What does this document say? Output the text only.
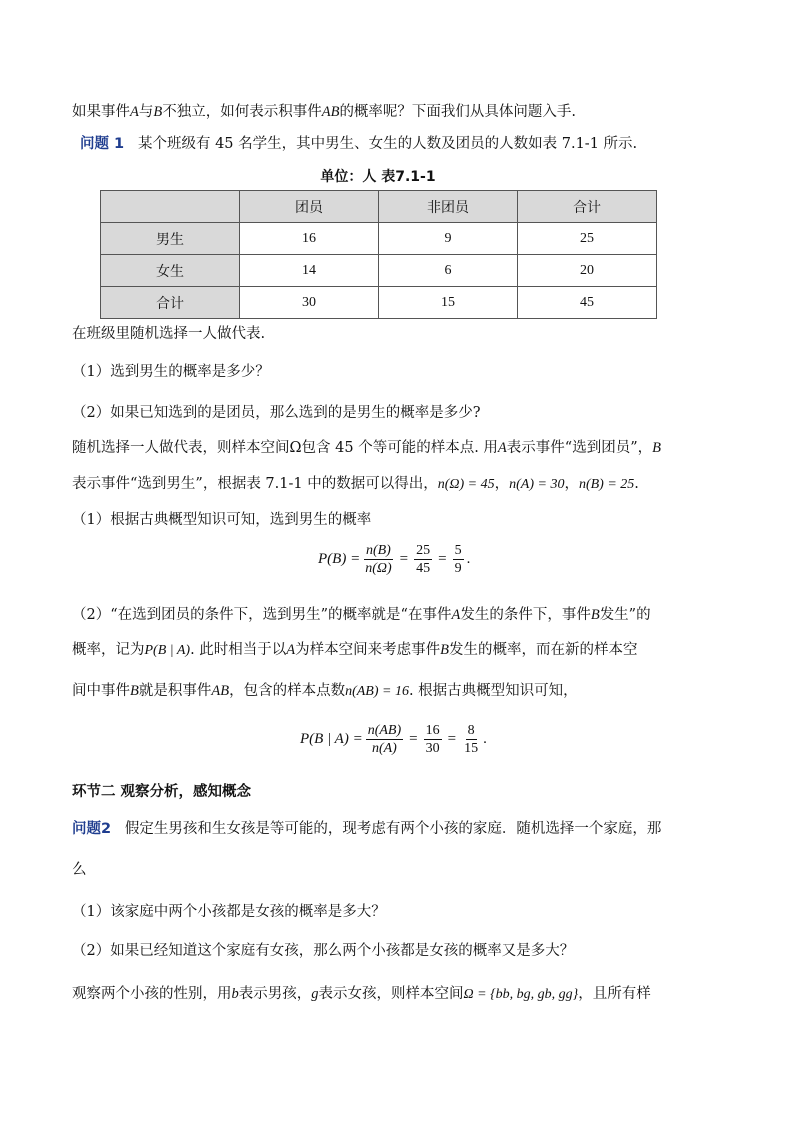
如果事件A与B不独立，如何表示积事件AB的概率呢？下面我们从具体问题入手.
问题 1 某个班级有 45 名学生，其中男生、女生的人数及团员的人数如表 7.1-1 所示.
单位：人 表7.1-1
	团员	非团员	合计
男生	16	9	25
女生	14	6	20
合计	30	15	45
在班级里随机选择一人做代表.
（1）选到男生的概率是多少？
（2）如果已知选到的是团员，那么选到的是男生的概率是多少?
随机选择一人做代表，则样本空间Ω包含 45 个等可能的样本点. 用A表示事件“选到团员”，B
表示事件“选到男生”，根据表 7.1-1 中的数据可以得出，n(Ω) = 45，n(A) = 30，n(B) = 25.
（1）根据古典概型知识可知，选到男生的概率
$P(B) = \frac{n(B)}{n(\Omega)} = \frac{25}{45} = \frac{5}{9}$ .
（2）“在选到团员的条件下，选到男生”的概率就是“在事件A发生的条件下，事件B发生”的
概率，记为P(B | A). 此时相当于以A为样本空间来考虑事件B发生的概率，而在新的样本空
间中事件B就是积事件AB，包含的样本点数n(AB) = 16. 根据古典概型知识可知，
P(B | $A) = \frac{n(AB)}{n(A)} = \frac{16}{30} = \frac{8}{15}$ .
环节二 观察分析，感知概念
问题2 假定生男孩和生女孩是等可能的，现考虑有两个小孩的家庭．随机选择一个家庭，那
么
（1）该家庭中两个小孩都是女孩的概率是多大？
（2）如果已经知道这个家庭有女孩，那么两个小孩都是女孩的概率又是多大？
观察两个小孩的性别，用b表示男孩，g表示女孩，则样本空间Ω = {bb, bg, gb, gg}，且所有样
